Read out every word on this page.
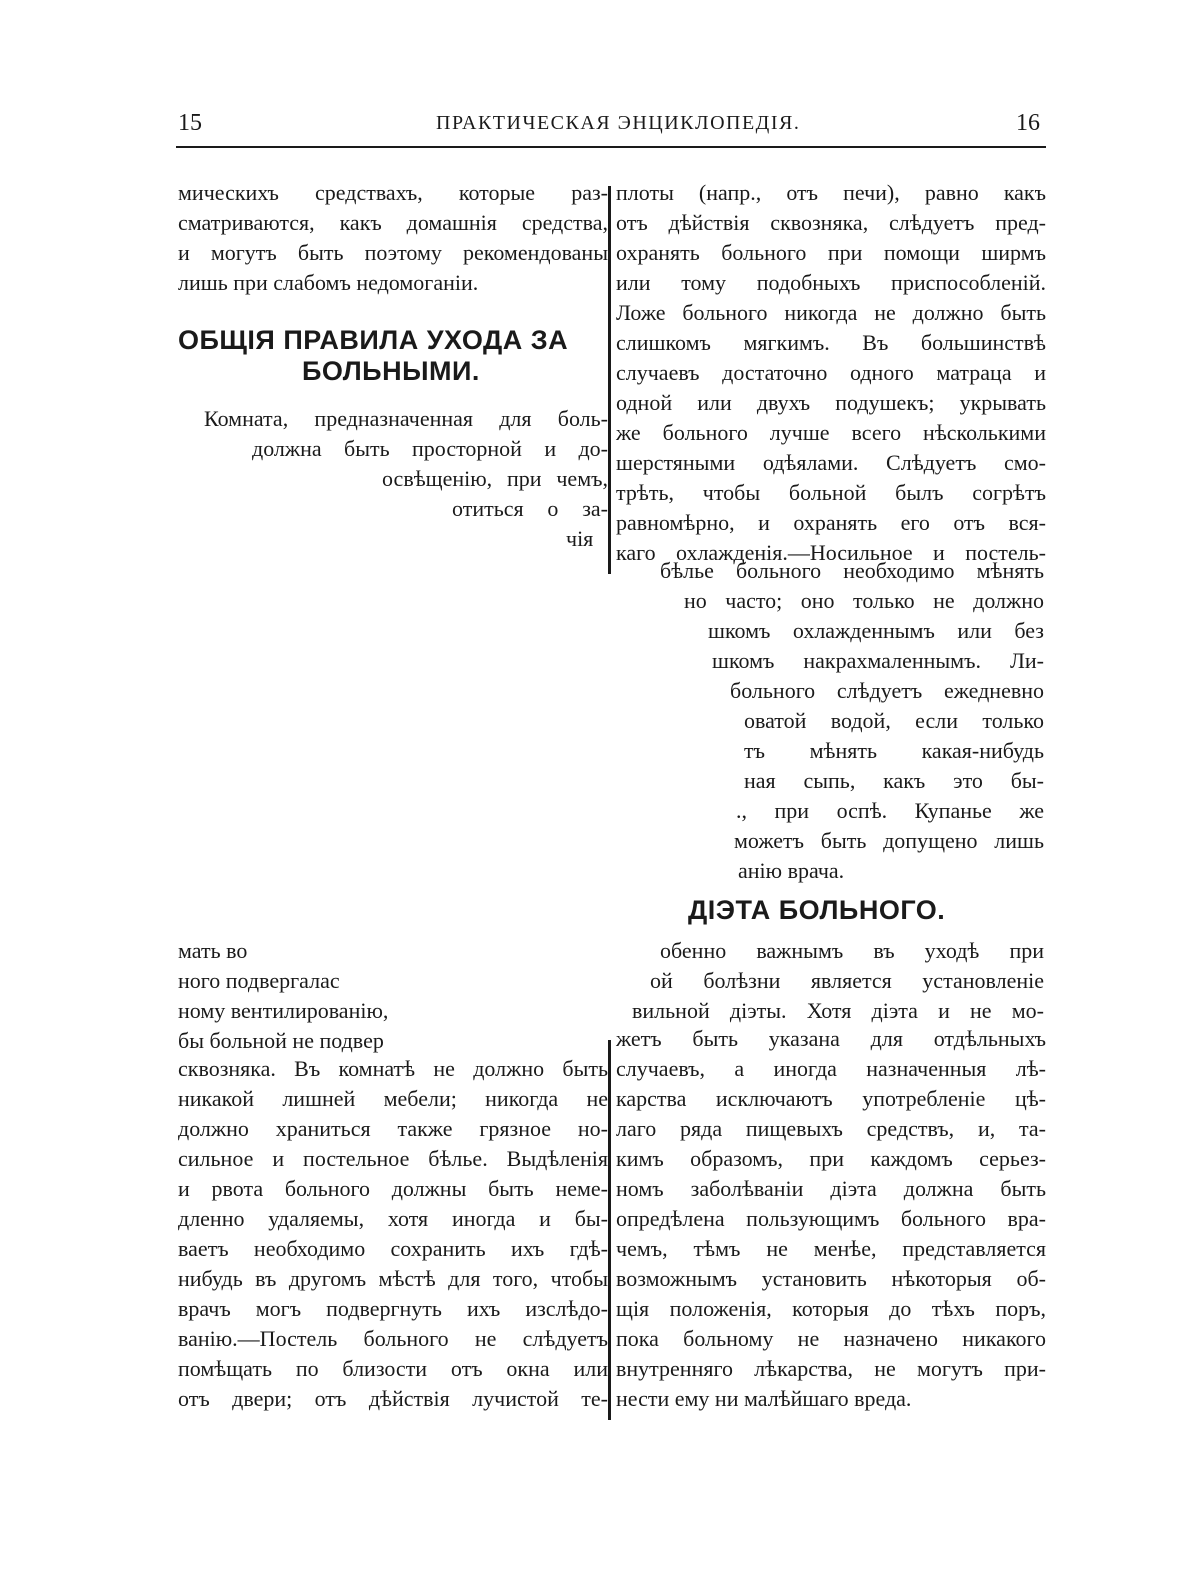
15	ПРАКТИЧЕСКАЯ ЭНЦИКЛОПЕДІЯ.	16
мическихъ средствахъ, которые раз-
сматриваются, какъ домашнія средства,
и могутъ быть поэтому рекомендованы
лишь при слабомъ недомоганіи.
ОБЩІЯ ПРАВИЛА УХОДА ЗА
БОЛЬНЫМИ.
Комната, предназначенная для боль-
должна быть просторной и до-
освѣщенію, при чемъ,
отиться о за-
чія
мать во
ного подвергалас
ному вентилированію,
бы больной не подвер
сквозняка. Въ комнатѣ не должно быть
никакой лишней мебели; никогда не
должно храниться также грязное но-
сильное и постельное бѣлье. Выдѣленія
и рвота больного должны быть неме-
дленно удаляемы, хотя иногда и бы-
ваетъ необходимо сохранить ихъ гдѣ-
нибудь въ другомъ мѣстѣ для того, чтобы
врачъ могъ подвергнуть ихъ изслѣдо-
ванію.—Постель больного не слѣдуетъ
помѣщать по близости отъ окна или
отъ двери; отъ дѣйствія лучистой те-
плоты (напр., отъ печи), равно какъ
отъ дѣйствія сквозняка, слѣдуетъ пред-
охранять больного при помощи ширмъ
или тому подобныхъ приспособленій.
Ложе больного никогда не должно быть
слишкомъ мягкимъ. Въ большинствѣ
случаевъ достаточно одного матраца и
одной или двухъ подушекъ; укрывать
же больного лучше всего нѣсколькими
шерстяными одѣялами. Слѣдуетъ смо-
трѣть, чтобы больной былъ согрѣтъ
равномѣрно, и охранять его отъ вся-
каго охлажденія.—Носильное и постель-
бѣлье больного необходимо мѣнять
но часто; оно только не должно
шкомъ охлажденнымъ или без
шкомъ накрахмаленнымъ. Ли-
больного слѣдуетъ ежедневно
оватой водой, если только
тъ мѣнять какая-нибудь
ная сыпь, какъ это бы-
., при оспѣ. Купанье же
можетъ быть допущено лишь
анію врача.
ДІЭТА БОЛЬНОГО.
обенно важнымъ въ уходѣ при
ой болѣзни является установленіе
вильной діэты. Хотя діэта и не мо-
жетъ быть указана для отдѣльныхъ
случаевъ, а иногда назначенныя лѣ-
карства исключаютъ употребленіе цѣ-
лаго ряда пищевыхъ средствъ, и, та-
кимъ образомъ, при каждомъ серьез-
номъ заболѣваніи діэта должна быть
опредѣлена пользующимъ больного вра-
чемъ, тѣмъ не менѣе, представляется
возможнымъ установить нѣкоторыя об-
щія положенія, которыя до тѣхъ поръ,
пока больному не назначено никакого
внутренняго лѣкарства, не могутъ при-
нести ему ни малѣйшаго вреда.
